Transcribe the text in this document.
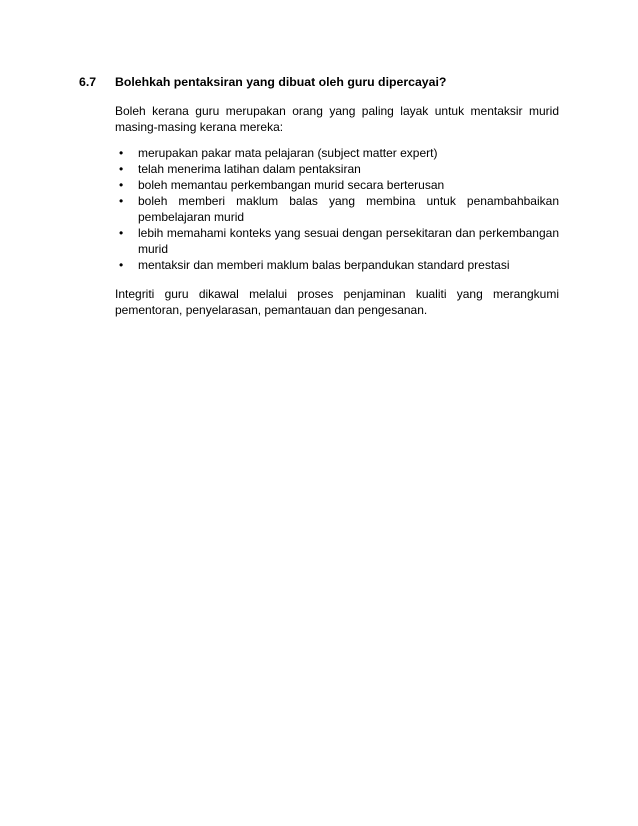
6.7	Bolehkah pentaksiran yang dibuat oleh guru dipercayai?

Boleh kerana guru merupakan orang yang paling layak untuk mentaksir murid masing-masing kerana mereka:

•	merupakan pakar mata pelajaran (subject matter expert)
•	telah menerima latihan dalam pentaksiran
•	boleh memantau perkembangan murid secara berterusan
•	boleh memberi maklum balas yang membina untuk penambahbaikan pembelajaran murid
•	lebih memahami konteks yang sesuai dengan persekitaran dan perkembangan murid
•	mentaksir dan memberi maklum balas berpandukan standard prestasi

Integriti guru dikawal melalui proses penjaminan kualiti yang merangkumi pementoran, penyelarasan, pemantauan dan pengesanan.
